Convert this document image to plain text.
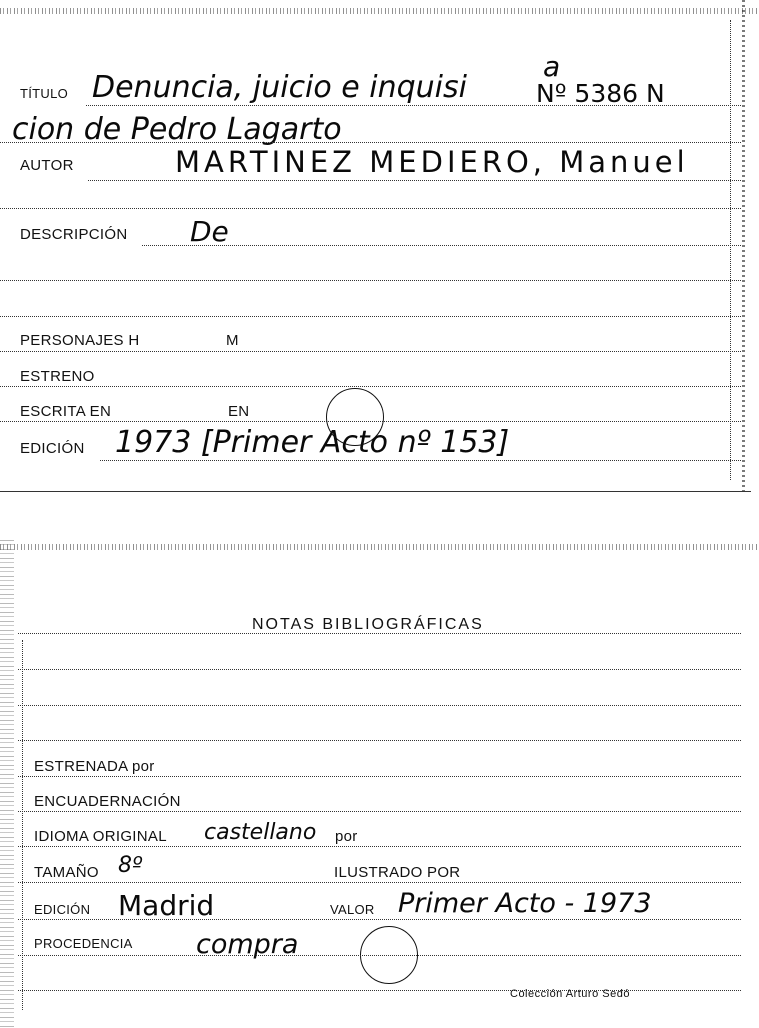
TÍTULO Denuncia, juicio e inquisi
a
Nº 5386 N
cion de Pedro Lagarto
AUTOR	MARTINEZ MEDIERO, Manuel
DESCRIPCIÓN De
PERSONAJES H	M
ESTRENO
ESCRITA EN	EN
EDICIÓN 1973 [Primer Acto nº 153]
NOTAS BIBLIOGRÁFICAS
ESTRENADA por
ENCUADERNACIÓN
IDIOMA ORIGINAL castellano por
TAMAÑO 8º	ILUSTRADO POR
EDICIÓN Madrid	VALOR Primer Acto - 1973
PROCEDENCIA compra
Colección Arturo Sedó
